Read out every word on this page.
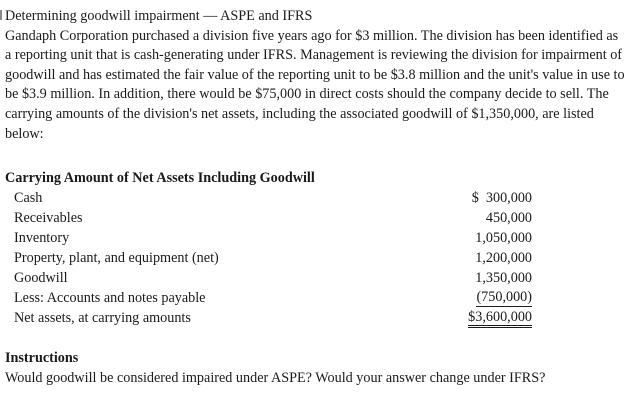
Determining goodwill impairment — ASPE and IFRS
Gandaph Corporation purchased a division five years ago for $3 million. The division has been identified as a reporting unit that is cash-generating under IFRS. Management is reviewing the division for impairment of goodwill and has estimated the fair value of the reporting unit to be $3.8 million and the unit's value in use to be $3.9 million. In addition, there would be $75,000 in direct costs should the company decide to sell. The carrying amounts of the division's net assets, including the associated goodwill of $1,350,000, are listed below:

Carrying Amount of Net Assets Including Goodwill
Cash	$  300,000
Receivables	450,000
Inventory	1,050,000
Property, plant, and equipment (net)	1,200,000
Goodwill	1,350,000
Less: Accounts and notes payable	(750,000)
Net assets, at carrying amounts	$3,600,000
Instructions
Would goodwill be considered impaired under ASPE? Would your answer change under IFRS?
